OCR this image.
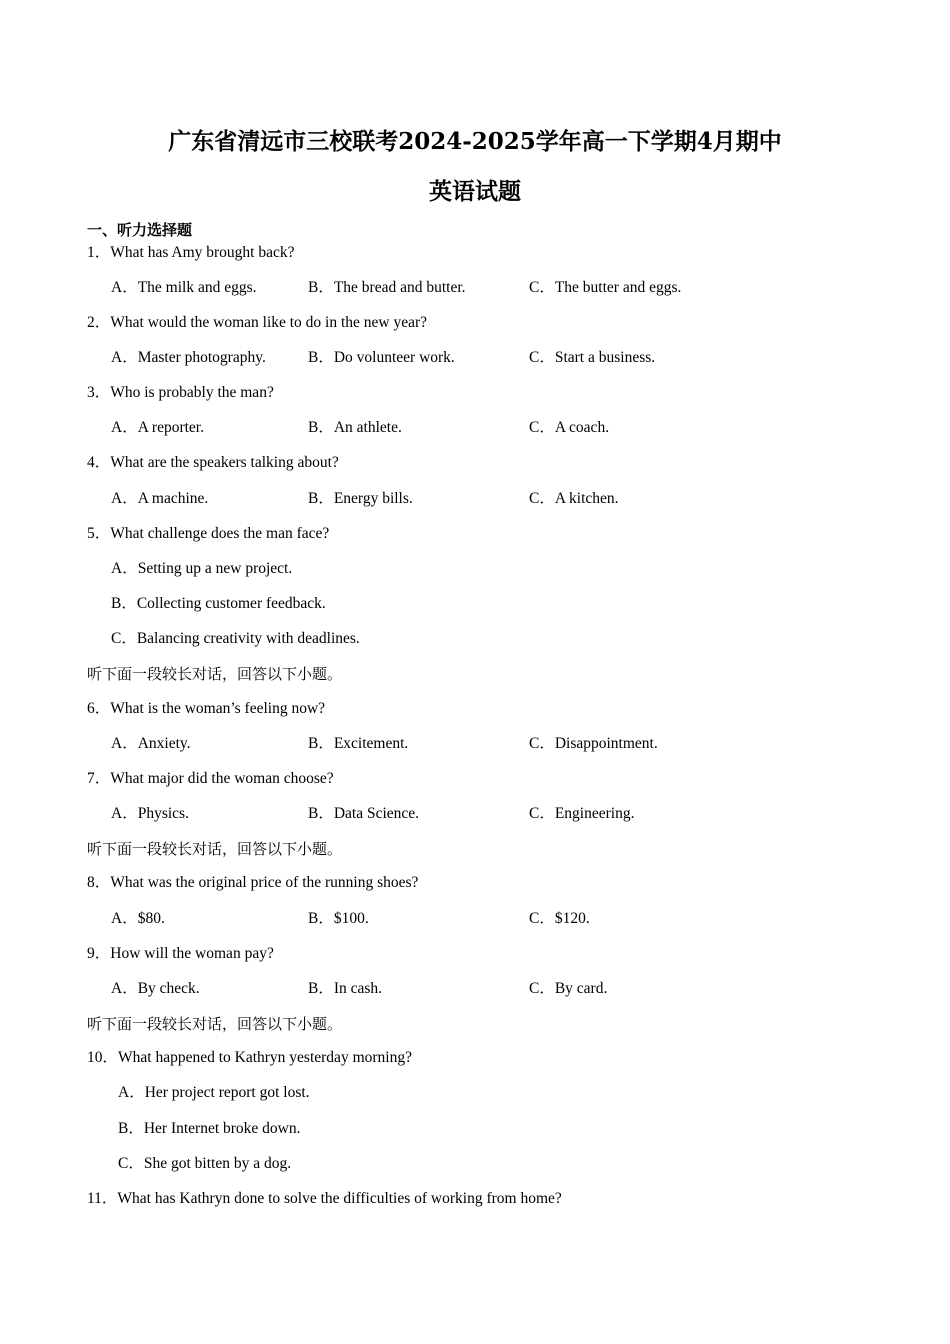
广东省清远市三校联考2024-2025学年高一下学期4月期中
英语试题
一、听力选择题
1．What has Amy brought back?
A．The milk and eggs.	B．The bread and butter.	C．The butter and eggs.
2．What would the woman like to do in the new year?
A．Master photography.	B．Do volunteer work.	C．Start a business.
3．Who is probably the man?
A．A reporter.	B．An athlete.	C．A coach.
4．What are the speakers talking about?
A．A machine.	B．Energy bills.	C．A kitchen.
5．What challenge does the man face?
A．Setting up a new project.
B．Collecting customer feedback.
C．Balancing creativity with deadlines.
听下面一段较长对话，回答以下小题。
6．What is the woman’s feeling now?
A．Anxiety.	B．Excitement.	C．Disappointment.
7．What major did the woman choose?
A．Physics.	B．Data Science.	C．Engineering.
听下面一段较长对话，回答以下小题。
8．What was the original price of the running shoes?
A．$80.	B．$100.	C．$120.
9．How will the woman pay?
A．By check.	B．In cash.	C．By card.
听下面一段较长对话，回答以下小题。
10．What happened to Kathryn yesterday morning?
A．Her project report got lost.
B．Her Internet broke down.
C．She got bitten by a dog.
11．What has Kathryn done to solve the difficulties of working from home?
